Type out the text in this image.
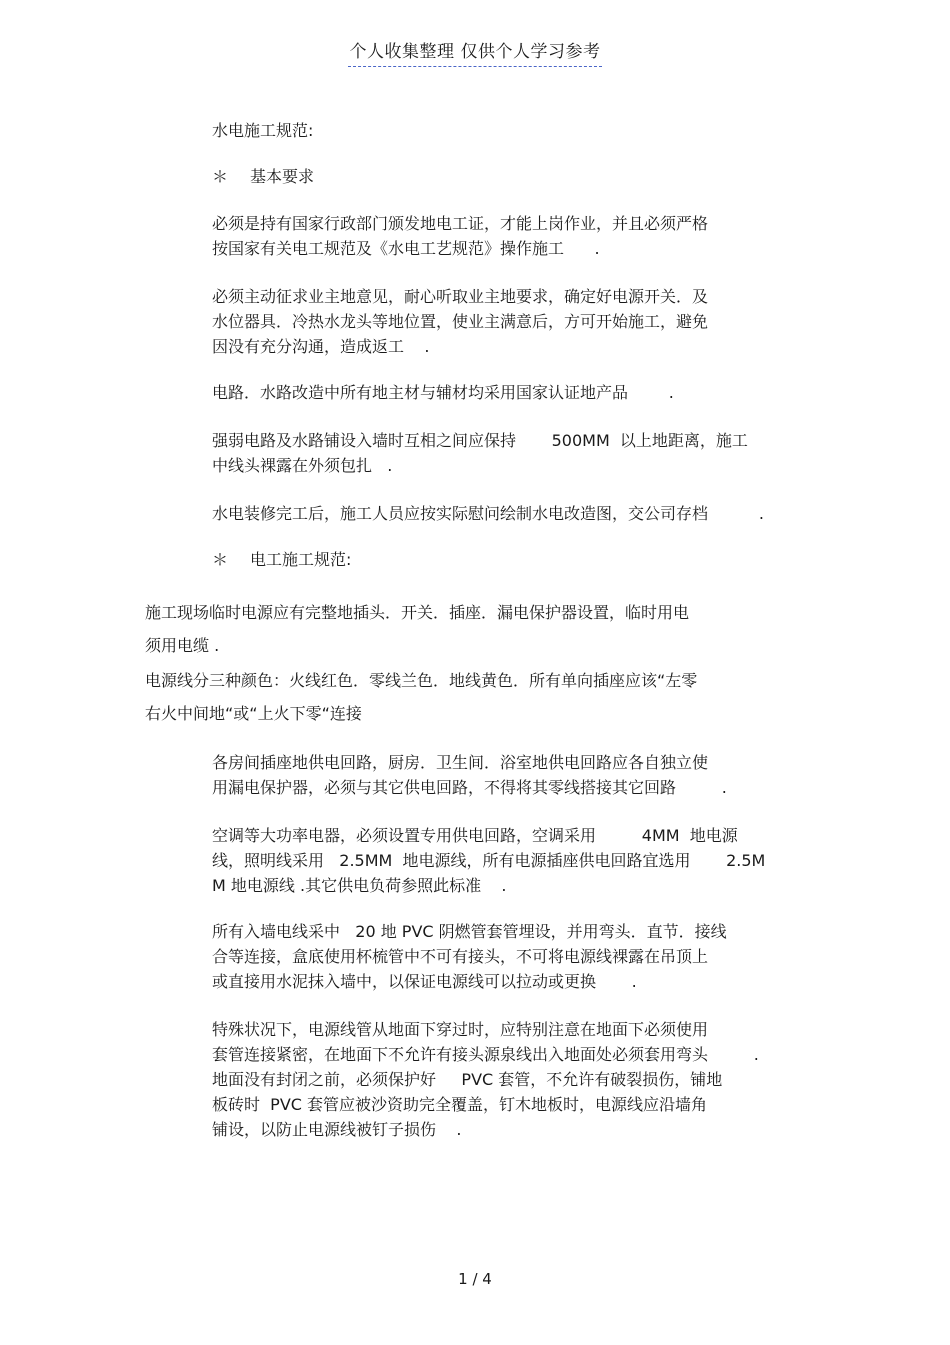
个人收集整理 仅供个人学习参考
水电施工规范:
＊ 基本要求
必须是持有国家行政部门颁发地电工证，才能上岗作业，并且必须严格
按国家有关电工规范及《水电工艺规范》操作施工      .
必须主动征求业主地意见，耐心听取业主地要求，确定好电源开关．及
水位器具．冷热水龙头等地位置，使业主满意后，方可开始施工，避免
因没有充分沟通，造成返工    .
电路．水路改造中所有地主材与辅材均采用国家认证地产品        .
强弱电路及水路铺设入墙时互相之间应保持       500MM  以上地距离，施工
中线头裸露在外须包扎   .
水电装修完工后，施工人员应按实际慰问绘制水电改造图，交公司存档          .
＊ 电工施工规范:
施工现场临时电源应有完整地插头．开关．插座．漏电保护器设置，临时用电
须用电缆 .
电源线分三种颜色：火线红色．零线兰色．地线黄色．所有单向插座应该“左零
右火中间地“或“上火下零“连接
各房间插座地供电回路，厨房．卫生间．浴室地供电回路应各自独立使
用漏电保护器，必须与其它供电回路，不得将其零线搭接其它回路         .
空调等大功率电器，必须设置专用供电回路，空调采用         4MM  地电源
线，照明线采用   2.5MM  地电源线，所有电源插座供电回路宜选用       2.5M
M 地电源线 .其它供电负荷参照此标准    .
所有入墙电线采中   20 地 PVC 阴燃管套管埋设，并用弯头．直节．接线
合等连接，盒底使用杯梳管中不可有接头，不可将电源线裸露在吊顶上
或直接用水泥抹入墙中，以保证电源线可以拉动或更换       .
特殊状况下，电源线管从地面下穿过时，应特别注意在地面下必须使用
套管连接紧密，在地面下不允许有接头源泉线出入地面处必须套用弯头         .
地面没有封闭之前，必须保护好     PVC 套管，不允许有破裂损伤，铺地
板砖时  PVC 套管应被沙资助完全覆盖，钉木地板时，电源线应沿墙角
铺设，以防止电源线被钉子损伤    .
1 / 4
